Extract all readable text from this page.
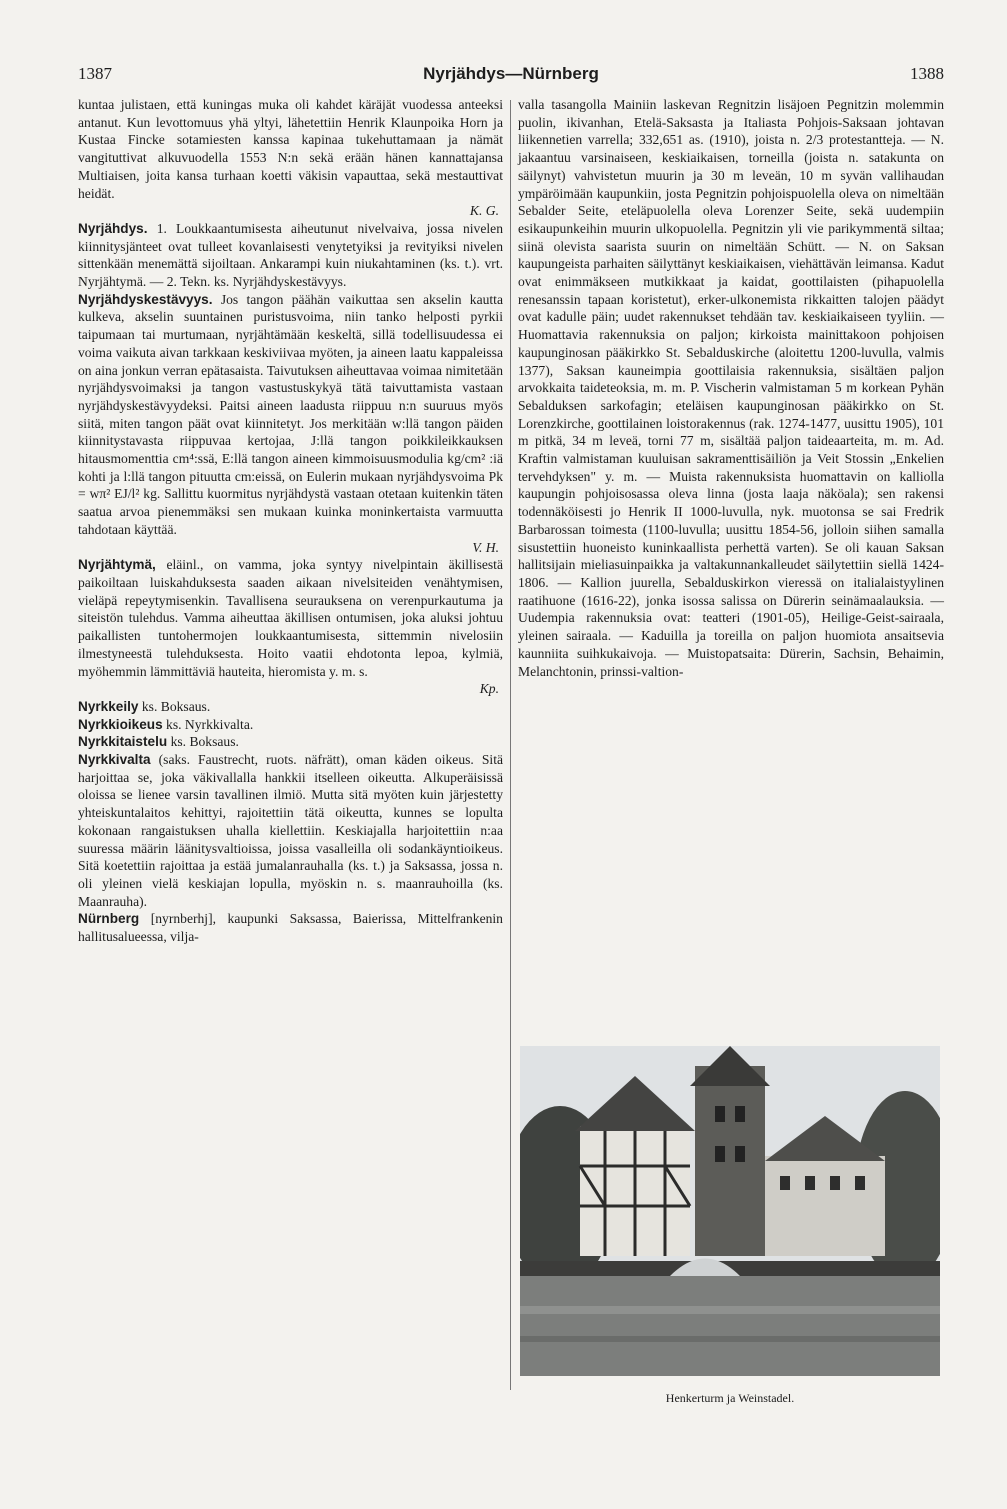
1387	Nyrjähdys—Nürnberg	1388

kuntaa julistaen, että kuningas muka oli kahdet käräjät vuodessa anteeksi antanut. Kun levottomuus yhä yltyi, lähetettiin Henrik Klaunpoika Horn ja Kustaa Fincke sotamiesten kanssa kapinaa tukehuttamaan ja nämät vangituttivat alkuvuodella 1553 N:n sekä erään hänen kannattajansa Multiaisen, joita kansa turhaan koetti väkisin vapauttaa, sekä mestauttivat heidät.

K. G.

Nyrjähdys. 1. Loukkaantumisesta aiheutunut nivelvaiva, jossa nivelen kiinnitysjänteet ovat tulleet kovanlaisesti venytetyiksi ja revityiksi nivelen sittenkään menemättä sijoiltaan. Ankarampi kuin niukahtaminen (ks. t.). vrt. Nyrjähtymä. — 2. Tekn. ks. Nyrjähdyskestävyys.

Nyrjähdyskestävyys. Jos tangon päähän vaikuttaa sen akselin kautta kulkeva, akselin suuntainen puristusvoima, niin tanko helposti pyrkii taipumaan tai murtumaan, nyrjähtämään keskeltä, sillä todellisuudessa ei voima vaikuta aivan tarkkaan keskiviivaa myöten, ja aineen laatu kappaleissa on aina jonkun verran epätasaista. Taivutuksen aiheuttavaa voimaa nimitetään nyrjähdysvoimaksi ja tangon vastustuskykyä tätä taivuttamista vastaan nyrjähdyskestävyydeksi. Paitsi aineen laadusta riippuu n:n suuruus myös siitä, miten tangon päät ovat kiinnitetyt. Jos merkitään w:llä tangon päiden kiinnitystavasta riippuvaa kertojaa, J:llä tangon poikkileikkauksen hitausmomenttia cm⁴:ssä, E:llä tangon aineen kimmoisuusmodulia kg/cm² :iä kohti ja l:llä tangon pituutta cm:eissä, on Eulerin mukaan nyrjähdysvoima Pk = wπ² EJ/l² kg. Sallittu kuormitus nyrjähdystä vastaan otetaan kuitenkin täten saatua arvoa pienemmäksi sen mukaan kuinka moninkertaista varmuutta tahdotaan käyttää.

V. H.

Nyrjähtymä, eläinl., on vamma, joka syntyy nivelpintain äkillisestä paikoiltaan luiskahduksesta saaden aikaan nivelsiteiden venähtymisen, vieläpä repeytymisenkin. Tavallisena seurauksena on verenpurkautuma ja siteistön tulehdus. Vamma aiheuttaa äkillisen ontumisen, joka aluksi johtuu paikallisten tuntohermojen loukkaantumisesta, sittemmin nivelosiin ilmestyneestä tulehduksesta. Hoito vaatii ehdotonta lepoa, kylmiä, myöhemmin lämmittäviä hauteita, hieromista y. m. s.

Kp.

Nyrkkeily ks. Boksaus.

Nyrkkioikeus ks. Nyrkkivalta.

Nyrkkitaistelu ks. Boksaus.

Nyrkkivalta (saks. Faustrecht, ruots. näfrätt), oman käden oikeus. Sitä harjoittaa se, joka väkivallalla hankkii itselleen oikeutta. Alkuperäisissä oloissa se lienee varsin tavallinen ilmiö. Mutta sitä myöten kuin järjestetty yhteiskuntalaitos kehittyi, rajoitettiin tätä oikeutta, kunnes se lopulta kokonaan rangaistuksen uhalla kiellettiin. Keskiajalla harjoitettiin n:aa suuressa määrin läänitysvaltioissa, joissa vasalleilla oli sodankäyntioikeus. Sitä koetettiin rajoittaa ja estää jumalanrauhalla (ks. t.) ja Saksassa, jossa n. oli yleinen vielä keskiajan lopulla, myöskin n. s. maanrauhoilla (ks. Maanrauha).

Nürnberg [nyrnberhj], kaupunki Saksassa, Baierissa, Mittelfrankenin hallitusalueessa, vilja-

valla tasangolla Mainiin laskevan Regnitzin lisäjoen Pegnitzin molemmin puolin, ikivanhan, Etelä-Saksasta ja Italiasta Pohjois-Saksaan johtavan liikennetien varrella; 332,651 as. (1910), joista n. 2/3 protestantteja. — N. jakaantuu varsinaiseen, keskiaikaisen, torneilla (joista n. satakunta on säilynyt) vahvistetun muurin ja 30 m leveän, 10 m syvän vallihaudan ympäröimään kaupunkiin, josta Pegnitzin pohjoispuolella oleva on nimeltään Sebalder Seite, eteläpuolella oleva Lorenzer Seite, sekä uudempiin esikaupunkeihin muurin ulkopuolella. Pegnitzin yli vie parikymmentä siltaa; siinä olevista saarista suurin on nimeltään Schütt. — N. on Saksan kaupungeista parhaiten säilyttänyt keskiaikaisen, viehättävän leimansa. Kadut ovat enimmäkseen mutkikkaat ja kaidat, goottilaisten (pihapuolella renesanssin tapaan koristetut), erker-ulkonemista rikkaitten talojen päädyt ovat kadulle päin; uudet rakennukset tehdään tav. keskiaikaiseen tyyliin. — Huomattavia rakennuksia on paljon; kirkoista mainittakoon pohjoisen kaupunginosan pääkirkko St. Sebalduskirche (aloitettu 1200-luvulla, valmis 1377), Saksan kauneimpia goottilaisia rakennuksia, sisältäen paljon arvokkaita taideteoksia, m. m. P. Vischerin valmistaman 5 m korkean Pyhän Sebalduksen sarkofagin; eteläisen kaupunginosan pääkirkko on St. Lorenzkirche, goottilainen loistorakennus (rak. 1274-1477, uusittu 1905), 101 m pitkä, 34 m leveä, torni 77 m, sisältää paljon taideaarteita, m. m. Ad. Kraftin valmistaman kuuluisan sakramenttisäiliön ja Veit Stossin „Enkelien tervehdyksen" y. m. — Muista rakennuksista huomattavin on kalliolla kaupungin pohjoisosassa oleva linna (josta laaja näköala); sen rakensi todennäköisesti jo Henrik II 1000-luvulla, nyk. muotonsa se sai Fredrik Barbarossan toimesta (1100-luvulla; uusittu 1854-56, jolloin siihen samalla sisustettiin huoneisto kuninkaallista perhettä varten). Se oli kauan Saksan hallitsijain mieliasuinpaikka ja valtakunnankalleudet säilytettiin siellä 1424-1806. — Kallion juurella, Sebalduskirkon vieressä on italialaistyylinen raatihuone (1616-22), jonka isossa salissa on Dürerin seinämaalauksia. — Uudempia rakennuksia ovat: teatteri (1901-05), Heilige-Geist-sairaala, yleinen sairaala. — Kaduilla ja toreilla on paljon huomiota ansaitsevia kaunniita suihkukaivoja. — Muistopatsaita: Dürerin, Sachsin, Behaimin, Melanchtonin, prinssi-valtion-

Henkerturm ja Weinstadel.
